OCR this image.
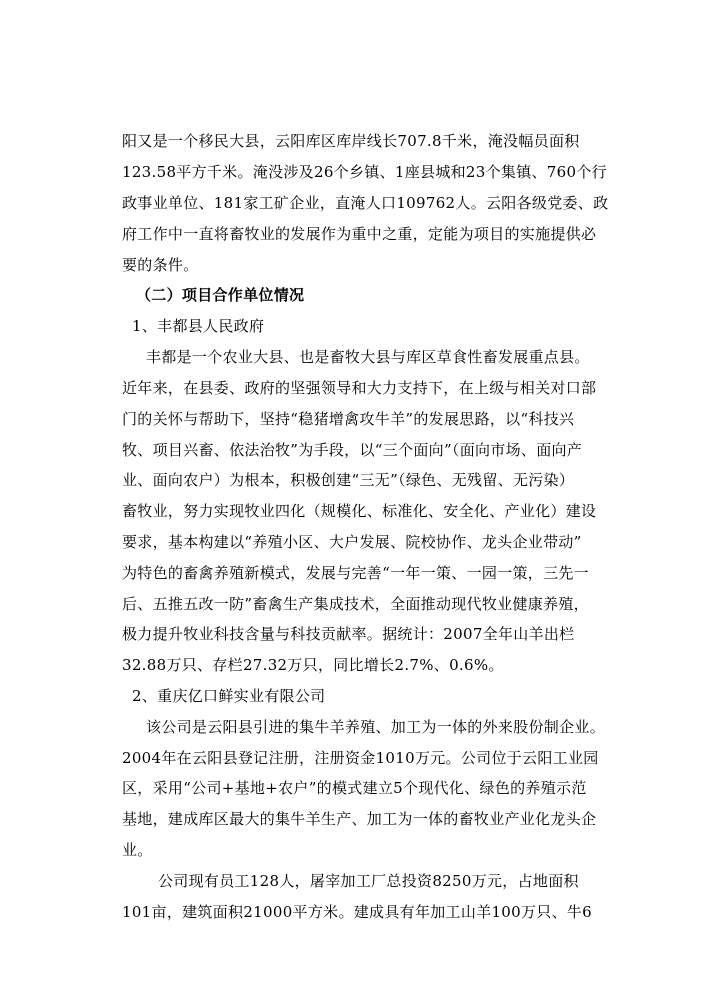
阳又是一个移民大县，云阳库区库岸线长707.8千米，淹没幅员面积
123.58平方千米。淹没涉及26个乡镇、1座县城和23个集镇、760个行
政事业单位、181家工矿企业，直淹人口109762人。云阳各级党委、政
府工作中一直将畜牧业的发展作为重中之重，定能为项目的实施提供必
要的条件。
（二）项目合作单位情况
1、丰都县人民政府
丰都是一个农业大县、也是畜牧大县与库区草食性畜发展重点县。
近年来，在县委、政府的坚强领导和大力支持下，在上级与相关对口部
门的关怀与帮助下，坚持“稳猪增禽攻牛羊”的发展思路，以“科技兴
牧、项目兴畜、依法治牧”为手段，以“三个面向”（面向市场、面向产
业、面向农户）为根本，积极创建“三无”（绿色、无残留、无污染）
畜牧业，努力实现牧业四化（规模化、标准化、安全化、产业化）建设
要求，基本构建以“养殖小区、大户发展、院校协作、龙头企业带动”
为特色的畜禽养殖新模式，发展与完善“一年一策、一园一策，三先一
后、五推五改一防”畜禽生产集成技术，全面推动现代牧业健康养殖，
极力提升牧业科技含量与科技贡献率。据统计：2007全年山羊出栏
32.88万只、存栏27.32万只，同比增长2.7%、0.6%。
2、重庆亿口鲜实业有限公司
该公司是云阳县引进的集牛羊养殖、加工为一体的外来股份制企业。
2004年在云阳县登记注册，注册资金1010万元。公司位于云阳工业园
区，采用“公司+基地+农户”的模式建立5个现代化、绿色的养殖示范
基地，建成库区最大的集牛羊生产、加工为一体的畜牧业产业化龙头企
业。
公司现有员工128人，屠宰加工厂总投资8250万元，占地面积
101亩，建筑面积21000平方米。建成具有年加工山羊100万只、牛6
